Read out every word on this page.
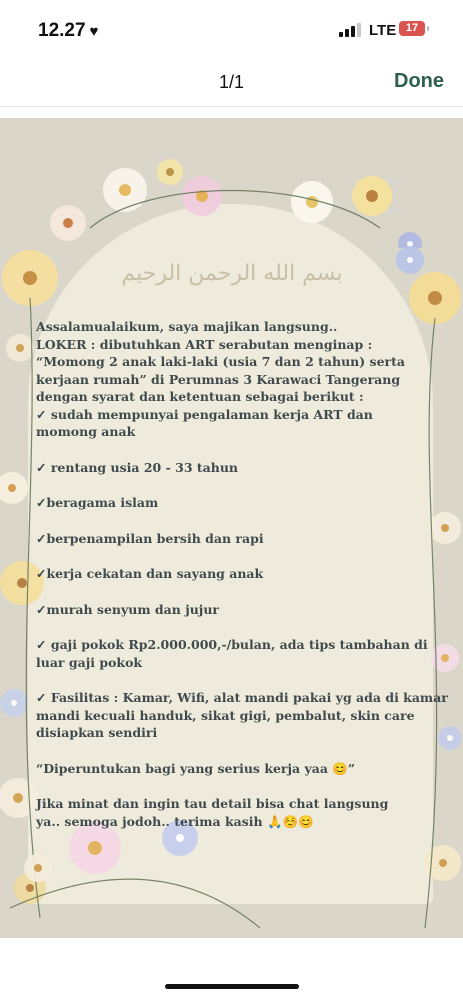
12.27 ♥	LTE 17
1/1	Done
بسم الله الرحمن الرحيم

Assalamualaikum, saya majikan langsung..

LOKER : dibutuhkan ART serabutan menginap :

“Momong 2 anak laki-laki (usia 7 dan 2 tahun) serta kerjaan rumah” di Perumnas 3 Karawaci Tangerang dengan syarat dan ketentuan sebagai berikut :

✓ sudah mempunyai pengalaman kerja ART dan momong anak

✓ rentang usia 20 - 33 tahun

✓beragama islam

✓berpenampilan bersih dan rapi

✓kerja cekatan dan sayang anak

✓murah senyum dan jujur

✓ gaji pokok Rp2.000.000,-/bulan, ada tips tambahan di luar gaji pokok

✓ Fasilitas : Kamar, Wifi, alat mandi pakai yg ada di kamar mandi kecuali handuk, sikat gigi, pembalut, skin care disiapkan sendiri

“Diperuntukan bagi yang serius kerja yaa 😊”

Jika minat dan ingin tau detail bisa chat langsung ya.. semoga jodoh.. terima kasih 🙏☺️😊
